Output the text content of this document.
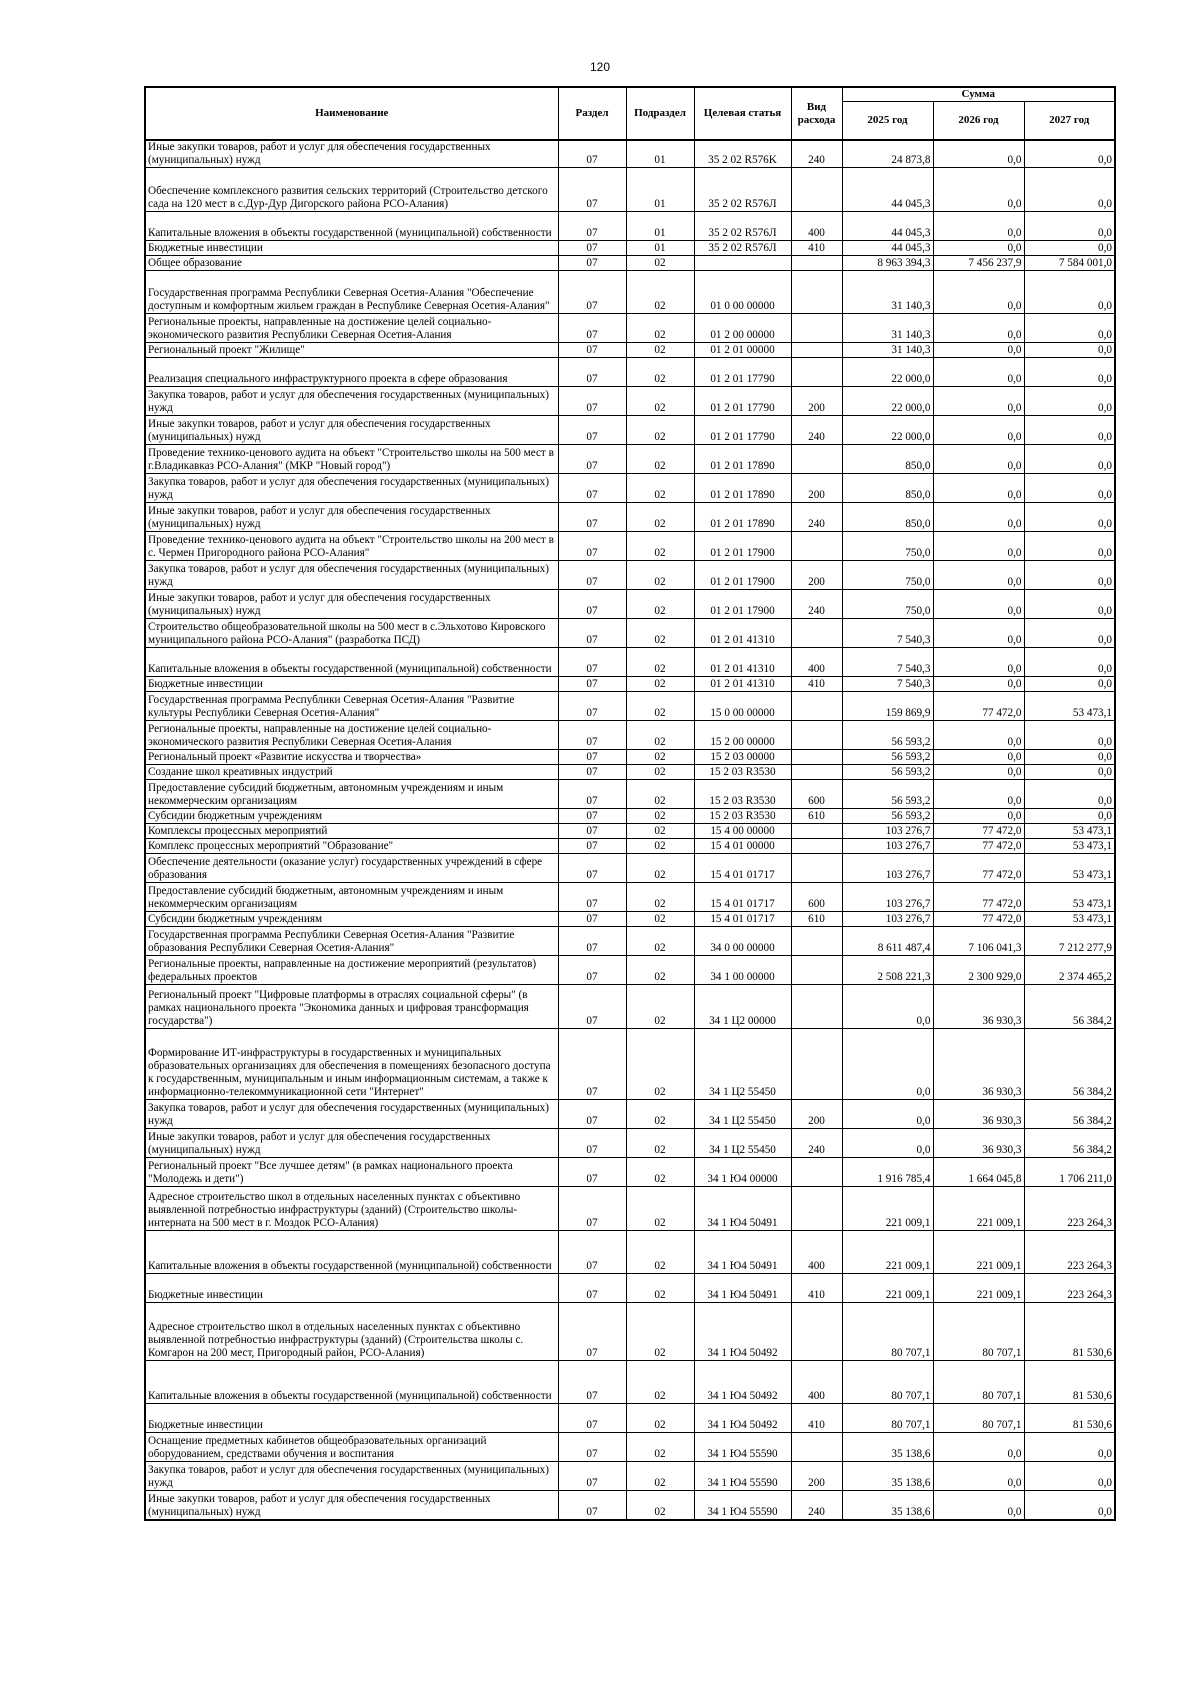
120
Наименование	Раздел	Подраздел	Целевая статья	Вид расхода	Сумма		
					2025 год	2026 год	2027 год
Иные закупки товаров, работ и услуг для обеспечения государственных (муниципальных) нужд	07	01	35 2 02 R576K	240	24 873,8	0,0	0,0
Обеспечение комплексного развития сельских территорий (Строительство детского сада на 120 мест в с.Дур-Дур Дигорского района РСО-Алания)	07	01	35 2 02 R576Л		44 045,3	0,0	0,0
Капитальные вложения в объекты государственной (муниципальной) собственности	07	01	35 2 02 R576Л	400	44 045,3	0,0	0,0
Бюджетные инвестиции	07	01	35 2 02 R576Л	410	44 045,3	0,0	0,0
Общее образование	07	02			8 963 394,3	7 456 237,9	7 584 001,0
Государственная программа Республики Северная Осетия-Алания "Обеспечение доступным и комфортным жильем граждан в Республике Северная Осетия-Алания"	07	02	01 0 00 00000		31 140,3	0,0	0,0
Региональные проекты, направленные на достижение целей социально-экономического развития Республики Северная Осетия-Алания	07	02	01 2 00 00000		31 140,3	0,0	0,0
Региональный проект "Жилище"	07	02	01 2 01 00000		31 140,3	0,0	0,0
Реализация специального инфраструктурного проекта в сфере образования	07	02	01 2 01 17790		22 000,0	0,0	0,0
Закупка товаров, работ и услуг для обеспечения государственных (муниципальных) нужд	07	02	01 2 01 17790	200	22 000,0	0,0	0,0
Иные закупки товаров, работ и услуг для обеспечения государственных (муниципальных) нужд	07	02	01 2 01 17790	240	22 000,0	0,0	0,0
Проведение технико-ценового аудита на объект "Строительство школы на 500 мест в г.Владикавказ РСО-Алания" (МКР "Новый город")	07	02	01 2 01 17890		850,0	0,0	0,0
Закупка товаров, работ и услуг для обеспечения государственных (муниципальных) нужд	07	02	01 2 01 17890	200	850,0	0,0	0,0
Иные закупки товаров, работ и услуг для обеспечения государственных (муниципальных) нужд	07	02	01 2 01 17890	240	850,0	0,0	0,0
Проведение технико-ценового аудита на объект "Строительство школы на 200 мест в с. Чермен Пригородного района РСО-Алания"	07	02	01 2 01 17900		750,0	0,0	0,0
Закупка товаров, работ и услуг для обеспечения государственных (муниципальных) нужд	07	02	01 2 01 17900	200	750,0	0,0	0,0
Иные закупки товаров, работ и услуг для обеспечения государственных (муниципальных) нужд	07	02	01 2 01 17900	240	750,0	0,0	0,0
Строительство общеобразовательной школы на 500 мест в с.Эльхотово Кировского муниципального района РСО-Алания" (разработка ПСД)	07	02	01 2 01 41310		7 540,3	0,0	0,0
Капитальные вложения в объекты государственной (муниципальной) собственности	07	02	01 2 01 41310	400	7 540,3	0,0	0,0
Бюджетные инвестиции	07	02	01 2 01 41310	410	7 540,3	0,0	0,0
Государственная программа Республики Северная Осетия-Алания "Развитие культуры Республики Северная Осетия-Алания"	07	02	15 0 00 00000		159 869,9	77 472,0	53 473,1
Региональные проекты, направленные на достижение целей социально-экономического развития Республики Северная Осетия-Алания	07	02	15 2 00 00000		56 593,2	0,0	0,0
Региональный проект «Развитие искусства и творчества»	07	02	15 2 03 00000		56 593,2	0,0	0,0
Создание школ креативных индустрий	07	02	15 2 03 R3530		56 593,2	0,0	0,0
Предоставление субсидий бюджетным, автономным учреждениям и иным некоммерческим организациям	07	02	15 2 03 R3530	600	56 593,2	0,0	0,0
Субсидии бюджетным учреждениям	07	02	15 2 03 R3530	610	56 593,2	0,0	0,0
Комплексы процессных мероприятий	07	02	15 4 00 00000		103 276,7	77 472,0	53 473,1
Комплекс процессных мероприятий "Образование"	07	02	15 4 01 00000		103 276,7	77 472,0	53 473,1
Обеспечение деятельности (оказание услуг) государственных учреждений в сфере образования	07	02	15 4 01 01717		103 276,7	77 472,0	53 473,1
Предоставление субсидий бюджетным, автономным учреждениям и иным некоммерческим организациям	07	02	15 4 01 01717	600	103 276,7	77 472,0	53 473,1
Субсидии бюджетным учреждениям	07	02	15 4 01 01717	610	103 276,7	77 472,0	53 473,1
Государственная программа Республики Северная Осетия-Алания "Развитие образования Республики Северная Осетия-Алания"	07	02	34 0 00 00000		8 611 487,4	7 106 041,3	7 212 277,9
Региональные проекты, направленные на достижение мероприятий (результатов) федеральных проектов	07	02	34 1 00 00000		2 508 221,3	2 300 929,0	2 374 465,2
Региональный проект "Цифровые платформы в отраслях социальной сферы" (в рамках национального проекта "Экономика данных и цифровая трансформация государства")	07	02	34 1 Ц2 00000		0,0	36 930,3	56 384,2
Формирование ИТ-инфраструктуры в государственных и муниципальных образовательных организациях для обеспечения в помещениях безопасного доступа к государственным, муниципальным и иным информационным системам, а также к информационно-телекоммуникационной сети "Интернет"	07	02	34 1 Ц2 55450		0,0	36 930,3	56 384,2
Закупка товаров, работ и услуг для обеспечения государственных (муниципальных) нужд	07	02	34 1 Ц2 55450	200	0,0	36 930,3	56 384,2
Иные закупки товаров, работ и услуг для обеспечения государственных (муниципальных) нужд	07	02	34 1 Ц2 55450	240	0,0	36 930,3	56 384,2
Региональный проект "Все лучшее детям" (в рамках национального проекта "Молодежь и дети")	07	02	34 1 Ю4 00000		1 916 785,4	1 664 045,8	1 706 211,0
Адресное строительство школ в отдельных населенных пунктах с объективно выявленной потребностью инфраструктуры (зданий) (Строительство школы-интерната на 500 мест в г. Моздок РСО-Алания)	07	02	34 1 Ю4 50491		221 009,1	221 009,1	223 264,3
Капитальные вложения в объекты государственной (муниципальной) собственности	07	02	34 1 Ю4 50491	400	221 009,1	221 009,1	223 264,3
Бюджетные инвестиции	07	02	34 1 Ю4 50491	410	221 009,1	221 009,1	223 264,3
Адресное строительство школ в отдельных населенных пунктах с объективно выявленной потребностью инфраструктуры (зданий) (Строительства школы с. Комгарон на 200 мест, Пригородный район, РСО-Алания)	07	02	34 1 Ю4 50492		80 707,1	80 707,1	81 530,6
Капитальные вложения в объекты государственной (муниципальной) собственности	07	02	34 1 Ю4 50492	400	80 707,1	80 707,1	81 530,6
Бюджетные инвестиции	07	02	34 1 Ю4 50492	410	80 707,1	80 707,1	81 530,6
Оснащение предметных кабинетов общеобразовательных организаций оборудованием, средствами обучения и воспитания	07	02	34 1 Ю4 55590		35 138,6	0,0	0,0
Закупка товаров, работ и услуг для обеспечения государственных (муниципальных) нужд	07	02	34 1 Ю4 55590	200	35 138,6	0,0	0,0
Иные закупки товаров, работ и услуг для обеспечения государственных (муниципальных) нужд	07	02	34 1 Ю4 55590	240	35 138,6	0,0	0,0
